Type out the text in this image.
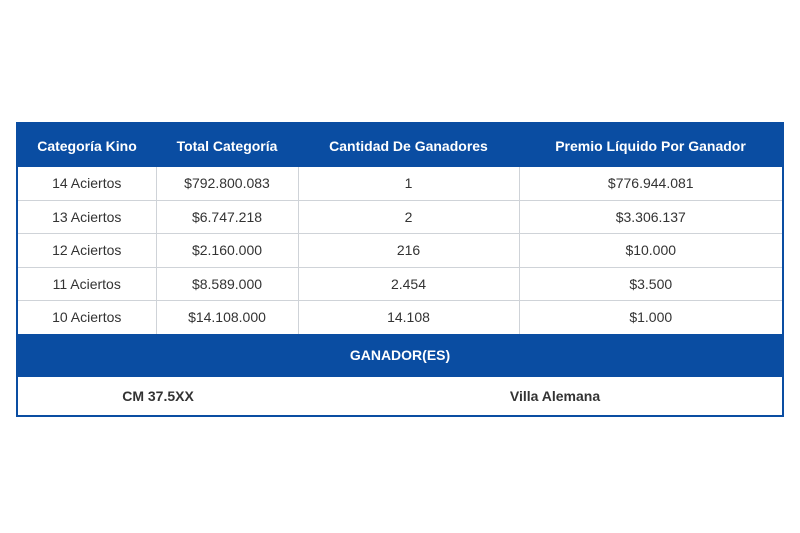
Categoría Kino	Total Categoría	Cantidad De Ganadores	Premio Líquido Por Ganador
14 Aciertos	$792.800.083	1	$776.944.081
13 Aciertos	$6.747.218	2	$3.306.137
12 Aciertos	$2.160.000	216	$10.000
11 Aciertos	$8.589.000	2.454	$3.500
10 Aciertos	$14.108.000	14.108	$1.000
GANADOR(ES)
CM 37.5XX	Villa Alemana
